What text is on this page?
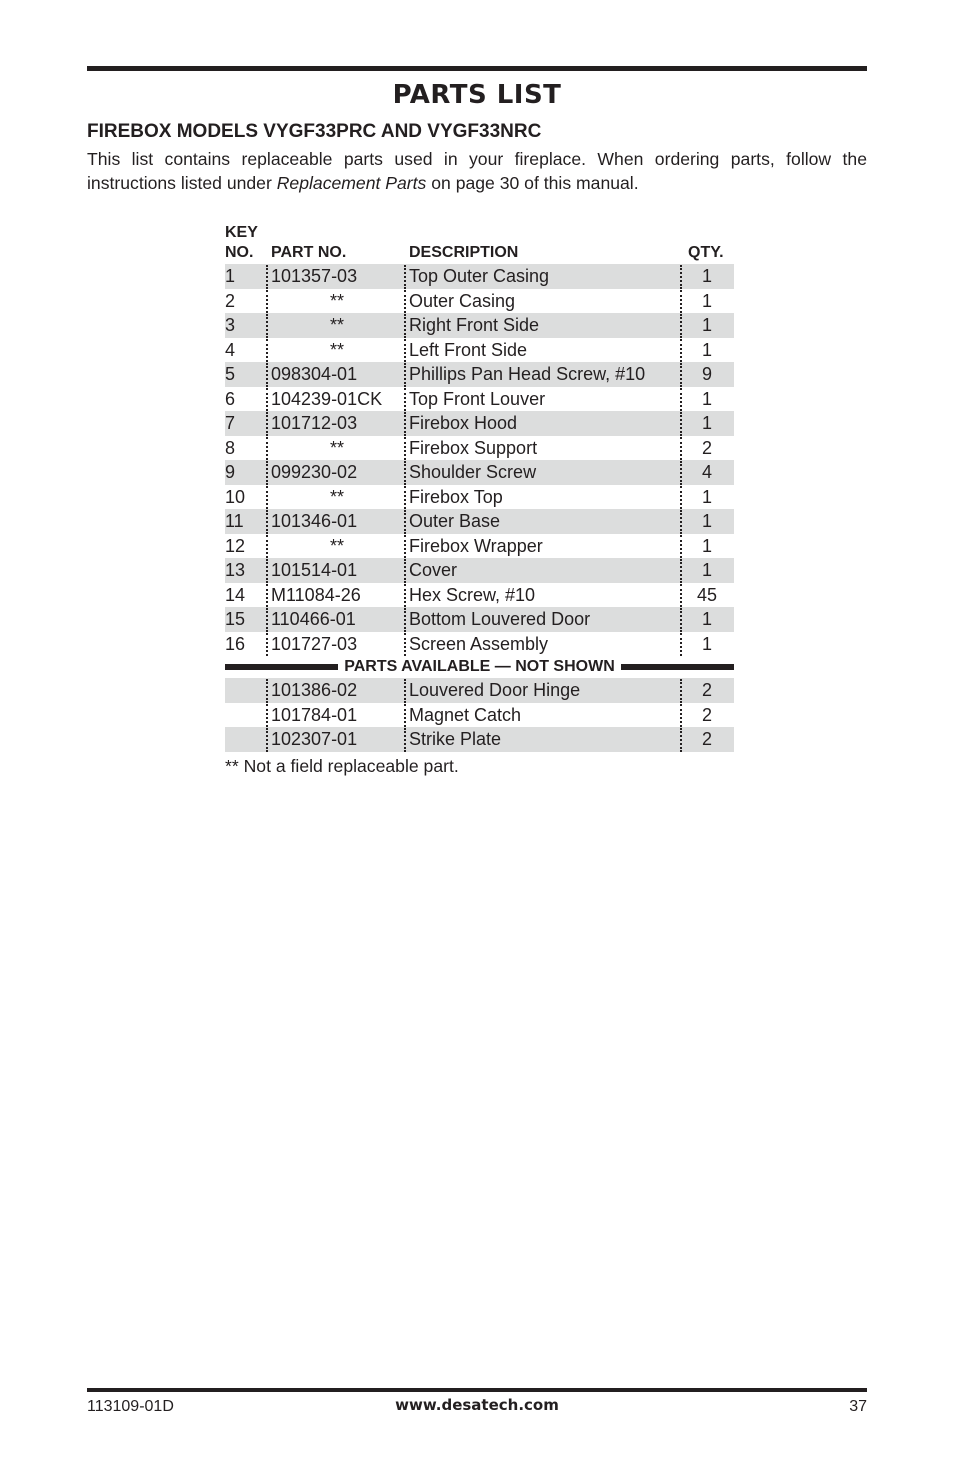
PARTS LIST
FIREBOX MODELS VYGF33PRC AND VYGF33NRC
This list contains replaceable parts used in your fireplace. When ordering parts, follow the instructions listed under Replacement Parts on page 30 of this manual.
KEY
NO. PART NO.	DESCRIPTION	QTY.
1 101357-03	Top Outer Casing	1
2	**	Outer Casing	1
3	**	Right Front Side	1
4	**	Left Front Side	1
5 098304-01	Phillips Pan Head Screw, #10	9
6 104239-01CK Top Front Louver	1
7 101712-03	Firebox Hood	1
8	**	Firebox Support	2
9 099230-02	Shoulder Screw	4
10	**	Firebox Top	1
11 101346-01	Outer Base	1
12	**	Firebox Wrapper	1
13 101514-01	Cover	1
14 M11084-26	Hex Screw, #10	45
15 110466-01	Bottom Louvered Door	1
16 101727-03	Screen Assembly	1
PARTS AVAILABLE — NOT SHOWN
101386-02	Louvered Door Hinge	2
101784-01	Magnet Catch	2
102307-01	Strike Plate	2
** Not a field replaceable part.
113109-01D	www.desatech.com	37
